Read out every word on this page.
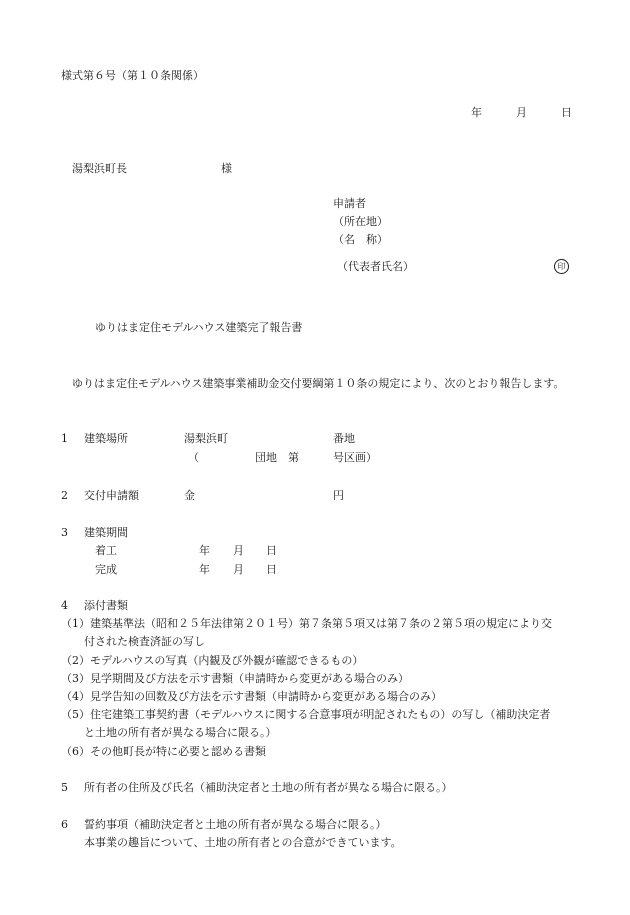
様式第６号（第１０条関係）
年	月	日
湯梨浜町長	様
申請者
（所在地）
（名　称）
（代表者氏名）	印
ゆりはま定住モデルハウス建築完了報告書
ゆりはま定住モデルハウス建築事業補助金交付要綱第１０条の規定により、次のとおり報告します。
1 建築場所	湯梨浜町	番地
（	団地　第	号区画）
2 交付申請額	金	円
3 建築期間
着工	年 月 日
完成	年 月 日
4 添付書類
（1）建築基準法（昭和２５年法律第２０１号）第７条第５項又は第７条の２第５項の規定により交
付された検査済証の写し
（2）モデルハウスの写真（内観及び外観が確認できるもの）
（3）見学期間及び方法を示す書類（申請時から変更がある場合のみ）
（4）見学告知の回数及び方法を示す書類（申請時から変更がある場合のみ）
（5）住宅建築工事契約書（モデルハウスに関する合意事項が明記されたもの）の写し（補助決定者
と土地の所有者が異なる場合に限る。）
（6）その他町長が特に必要と認める書類
5 所有者の住所及び氏名（補助決定者と土地の所有者が異なる場合に限る。）
6 誓約事項（補助決定者と土地の所有者が異なる場合に限る。）
本事業の趣旨について、土地の所有者との合意ができています。
